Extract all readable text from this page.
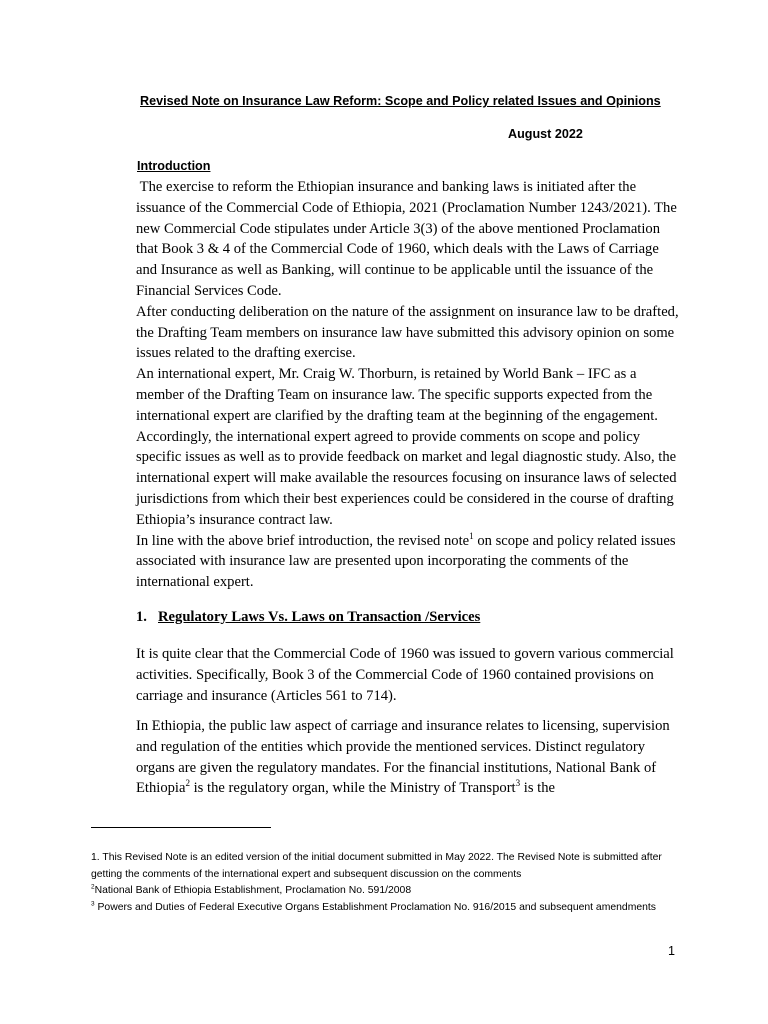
Revised Note on Insurance Law Reform: Scope and Policy related Issues and Opinions
August 2022
Introduction

The exercise to reform the Ethiopian insurance and banking laws is initiated after the issuance of the Commercial Code of Ethiopia, 2021 (Proclamation Number 1243/2021). The new Commercial Code stipulates under Article 3(3) of the above mentioned Proclamation that Book 3 & 4 of the Commercial Code of 1960, which deals with the Laws of Carriage and Insurance as well as Banking, will continue to be applicable until the issuance of the Financial Services Code.

After conducting deliberation on the nature of the assignment on insurance law to be drafted, the Drafting Team members on insurance law have submitted this advisory opinion on some issues related to the drafting exercise.

An international expert, Mr. Craig W. Thorburn, is retained by World Bank – IFC as a member of the Drafting Team on insurance law. The specific supports expected from the international expert are clarified by the drafting team at the beginning of the engagement. Accordingly, the international expert agreed to provide comments on scope and policy specific issues as well as to provide feedback on market and legal diagnostic study. Also, the international expert will make available the resources focusing on insurance laws of selected jurisdictions from which their best experiences could be considered in the course of drafting Ethiopia’s insurance contract law.

In line with the above brief introduction, the revised note$^1$ on scope and policy related issues associated with insurance law are presented upon incorporating the comments of the international expert.

1. Regulatory Laws Vs. Laws on Transaction /Services

It is quite clear that the Commercial Code of 1960 was issued to govern various commercial activities. Specifically, Book 3 of the Commercial Code of 1960 contained provisions on carriage and insurance (Articles 561 to 714).

In Ethiopia, the public law aspect of carriage and insurance relates to licensing, supervision and regulation of the entities which provide the mentioned services. Distinct regulatory organs are given the regulatory mandates. For the financial institutions, National Bank of Ethiopia$^2$ is the regulatory organ, while the Ministry of Transport$^3$ is the

1. This Revised Note is an edited version of the initial document submitted in May 2022. The Revised Note is submitted after getting the comments of the international expert and subsequent discussion on the comments

$^2$National Bank of Ethiopia Establishment, Proclamation No. 591/2008

$^3$ Powers and Duties of Federal Executive Organs Establishment Proclamation No. 916/2015 and subsequent amendments

1
